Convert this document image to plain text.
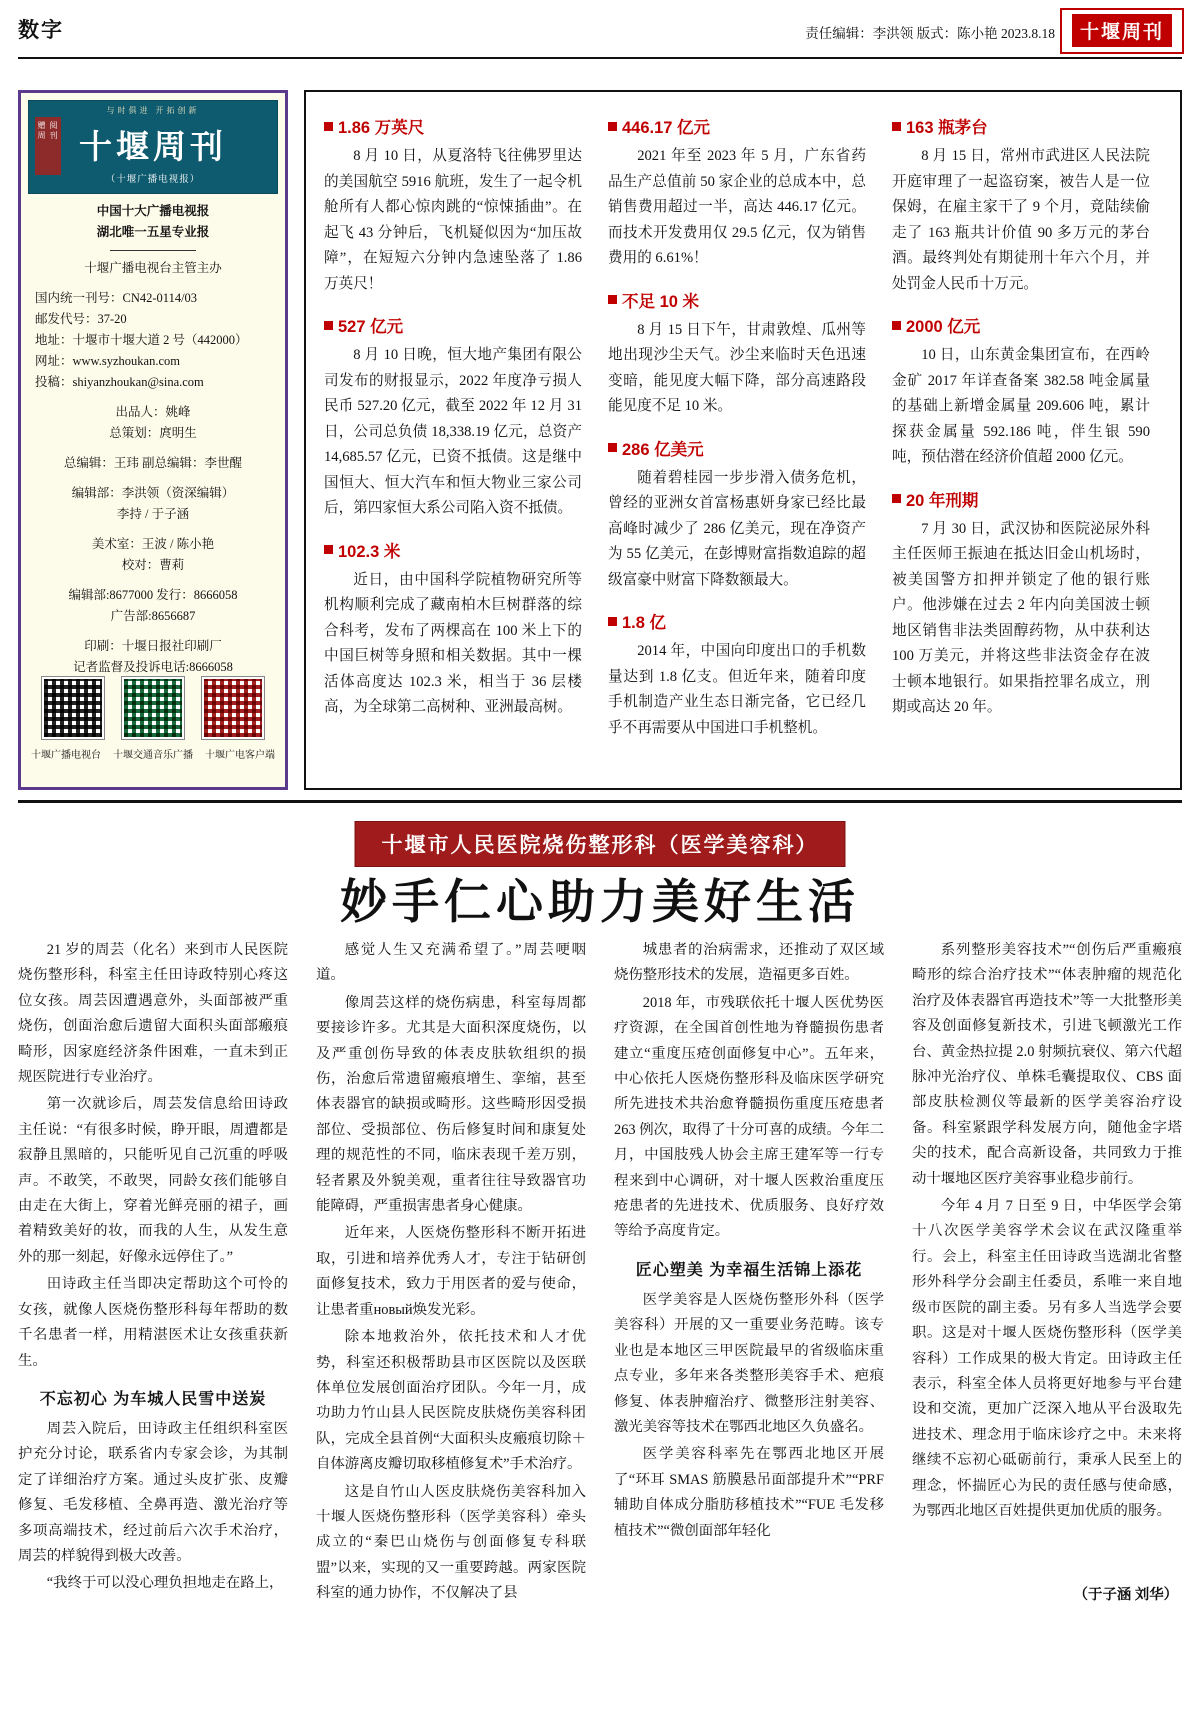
数字	责任编辑：李洪领 版式：陈小艳 2023.8.18	十堰周刊
与时俱进 开拓创新
赠 阅 周 刊 十堰周刊
（十堰广播电视报）
中国十大广播电视报
湖北唯一五星专业报
十堰广播电视台主管主办
国内统一刊号：CN42-0114/03
邮发代号：37-20
地址：十堰市十堰大道 2 号（442000）
网址：www.syzhoukan.com
投稿：shiyanzhoukan@sina.com
出品人：姚峰
总策划：庹明生
总编辑：王玮 副总编辑：李世醒
编辑部：李洪领（资深编辑）
李持 / 于子涵
美术室：王波 / 陈小艳
校对：曹莉
编辑部:8677000 发行：8666058
广告部:8656687
印刷：十堰日报社印刷厂
记者监督及投诉电话:8666058
十堰广播电视台 十堰交通音乐广播 十堰广电客户端
1.86 万英尺

8 月 10 日，从夏洛特飞往佛罗里达的美国航空 5916 航班，发生了一起令机舱所有人都心惊肉跳的“惊悚插曲”。在起飞 43 分钟后，飞机疑似因为“加压故障”，在短短六分钟内急速坠落了 1.86 万英尺！

527 亿元

8 月 10 日晚，恒大地产集团有限公司发布的财报显示，2022 年度净亏损人民币 527.20 亿元，截至 2022 年 12 月 31 日，公司总负债 18,338.19 亿元，总资产 14,685.57 亿元，已资不抵债。这是继中国恒大、恒大汽车和恒大物业三家公司后，第四家恒大系公司陷入资不抵债。

102.3 米

近日，由中国科学院植物研究所等机构顺利完成了藏南柏木巨树群落的综合科考，发布了两棵高在 100 米上下的中国巨树等身照和相关数据。其中一棵活体高度达 102.3 米，相当于 36 层楼高，为全球第二高树种、亚洲最高树。

446.17 亿元

2021 年至 2023 年 5 月，广东省药品生产总值前 50 家企业的总成本中，总销售费用超过一半，高达 446.17 亿元。而技术开发费用仅 29.5 亿元，仅为销售费用的 6.61%！

不足 10 米

8 月 15 日下午，甘肃敦煌、瓜州等地出现沙尘天气。沙尘来临时天色迅速变暗，能见度大幅下降，部分高速路段能见度不足 10 米。

286 亿美元

随着碧桂园一步步滑入债务危机，曾经的亚洲女首富杨惠妍身家已经比最高峰时减少了 286 亿美元，现在净资产为 55 亿美元，在彭博财富指数追踪的超级富豪中财富下降数额最大。

1.8 亿

2014 年，中国向印度出口的手机数量达到 1.8 亿支。但近年来，随着印度手机制造产业生态日渐完备，它已经几乎不再需要从中国进口手机整机。

163 瓶茅台

8 月 15 日，常州市武进区人民法院开庭审理了一起盗窃案，被告人是一位保姆，在雇主家干了 9 个月，竟陆续偷走了 163 瓶共计价值 90 多万元的茅台酒。最终判处有期徒刑十年六个月，并处罚金人民币十万元。

2000 亿元

10 日，山东黄金集团宣布，在西岭金矿 2017 年详查备案 382.58 吨金属量的基础上新增金属量 209.606 吨，累计探获金属量 592.186 吨，伴生银 590 吨，预估潜在经济价值超 2000 亿元。

20 年刑期

7 月 30 日，武汉协和医院泌尿外科主任医师王振迪在抵达旧金山机场时，被美国警方扣押并锁定了他的银行账户。他涉嫌在过去 2 年内向美国波士顿地区销售非法类固醇药物，从中获利达 100 万美元，并将这些非法资金存在波士顿本地银行。如果指控罪名成立，刑期或高达 20 年。

十堰市人民医院烧伤整形科（医学美容科）
妙手仁心助力美好生活

21 岁的周芸（化名）来到市人民医院烧伤整形科，科室主任田诗政特别心疼这位女孩。周芸因遭遇意外，头面部被严重烧伤，创面治愈后遗留大面积头面部瘢痕畸形，因家庭经济条件困难，一直未到正规医院进行专业治疗。

第一次就诊后，周芸发信息给田诗政主任说：“有很多时候，睁开眼，周遭都是寂静且黑暗的，只能听见自己沉重的呼吸声。不敢笑，不敢哭，同龄女孩们能够自由走在大街上，穿着光鲜亮丽的裙子，画着精致美好的妆，而我的人生，从发生意外的那一刻起，好像永远停住了。”

田诗政主任当即决定帮助这个可怜的女孩，就像人医烧伤整形科每年帮助的数千名患者一样，用精湛医术让女孩重获新生。

不忘初心 为车城人民雪中送炭

周芸入院后，田诗政主任组织科室医护充分讨论，联系省内专家会诊，为其制定了详细治疗方案。通过头皮扩张、皮瓣修复、毛发移植、全鼻再造、激光治疗等多项高端技术，经过前后六次手术治疗，周芸的样貌得到极大改善。

“我终于可以没心理负担地走在路上，

感觉人生又充满希望了。”周芸哽咽道。

像周芸这样的烧伤病患，科室每周都要接诊许多。尤其是大面积深度烧伤，以及严重创伤导致的体表皮肤软组织的损伤，治愈后常遗留瘢痕增生、挛缩，甚至体表器官的缺损或畸形。这些畸形因受损部位、受损部位、伤后修复时间和康复处理的规范性的不同，临床表现千差万别，轻者累及外貌美观，重者往往导致器官功能障碍，严重损害患者身心健康。

近年来，人医烧伤整形科不断开拓进取，引进和培养优秀人才，专注于钻研创面修复技术，致力于用医者的爱与使命，让患者重новый焕发光彩。

除本地救治外，依托技术和人才优势，科室还积极帮助县市区医院以及医联体单位发展创面治疗团队。今年一月，成功助力竹山县人民医院皮肤烧伤美容科团队，完成全县首例“大面积头皮瘢痕切除＋自体游离皮瓣切取移植修复术”手术治疗。

这是自竹山人医皮肤烧伤美容科加入十堰人医烧伤整形科（医学美容科）牵头成立的“秦巴山烧伤与创面修复专科联盟”以来，实现的又一重要跨越。两家医院科室的通力协作，不仅解决了县

城患者的治病需求，还推动了双区域烧伤整形技术的发展，造福更多百姓。

2018 年，市残联依托十堰人医优势医疗资源，在全国首创性地为脊髓损伤患者建立“重度压疮创面修复中心”。五年来，中心依托人医烧伤整形科及临床医学研究所先进技术共治愈脊髓损伤重度压疮患者 263 例次，取得了十分可喜的成绩。今年二月，中国肢残人协会主席王建军等一行专程来到中心调研，对十堰人医救治重度压疮患者的先进技术、优质服务、良好疗效等给予高度肯定。

匠心塑美 为幸福生活锦上添花

医学美容是人医烧伤整形外科（医学美容科）开展的又一重要业务范畴。该专业也是本地区三甲医院最早的省级临床重点专业，多年来各类整形美容手术、疤痕修复、体表肿瘤治疗、微整形注射美容、激光美容等技术在鄂西北地区久负盛名。

医学美容科率先在鄂西北地区开展了“环耳 SMAS 筋膜悬吊面部提升术”“PRF 辅助自体成分脂肪移植技术”“FUE 毛发移植技术”“微创面部年轻化

系列整形美容技术”“创伤后严重瘢痕畸形的综合治疗技术”“体表肿瘤的规范化治疗及体表器官再造技术”等一大批整形美容及创面修复新技术，引进飞顿激光工作台、黄金热拉提 2.0 射频抗衰仪、第六代超脉冲光治疗仪、单株毛囊提取仪、CBS 面部皮肤检测仪等最新的医学美容治疗设备。科室紧跟学科发展方向，随他金字塔尖的技术，配合高新设备，共同致力于推动十堰地区医疗美容事业稳步前行。

今年 4 月 7 日至 9 日，中华医学会第十八次医学美容学术会议在武汉隆重举行。会上，科室主任田诗政当选湖北省整形外科学分会副主任委员，系唯一来自地级市医院的副主委。另有多人当选学会要职。这是对十堰人医烧伤整形科（医学美容科）工作成果的极大肯定。田诗政主任表示，科室全体人员将更好地参与平台建设和交流，更加广泛深入地从平台汲取先进技术、理念用于临床诊疗之中。未来将继续不忘初心砥砺前行，秉承人民至上的理念，怀揣匠心为民的责任感与使命感，为鄂西北地区百姓提供更加优质的服务。

（于子涵 刘华）
